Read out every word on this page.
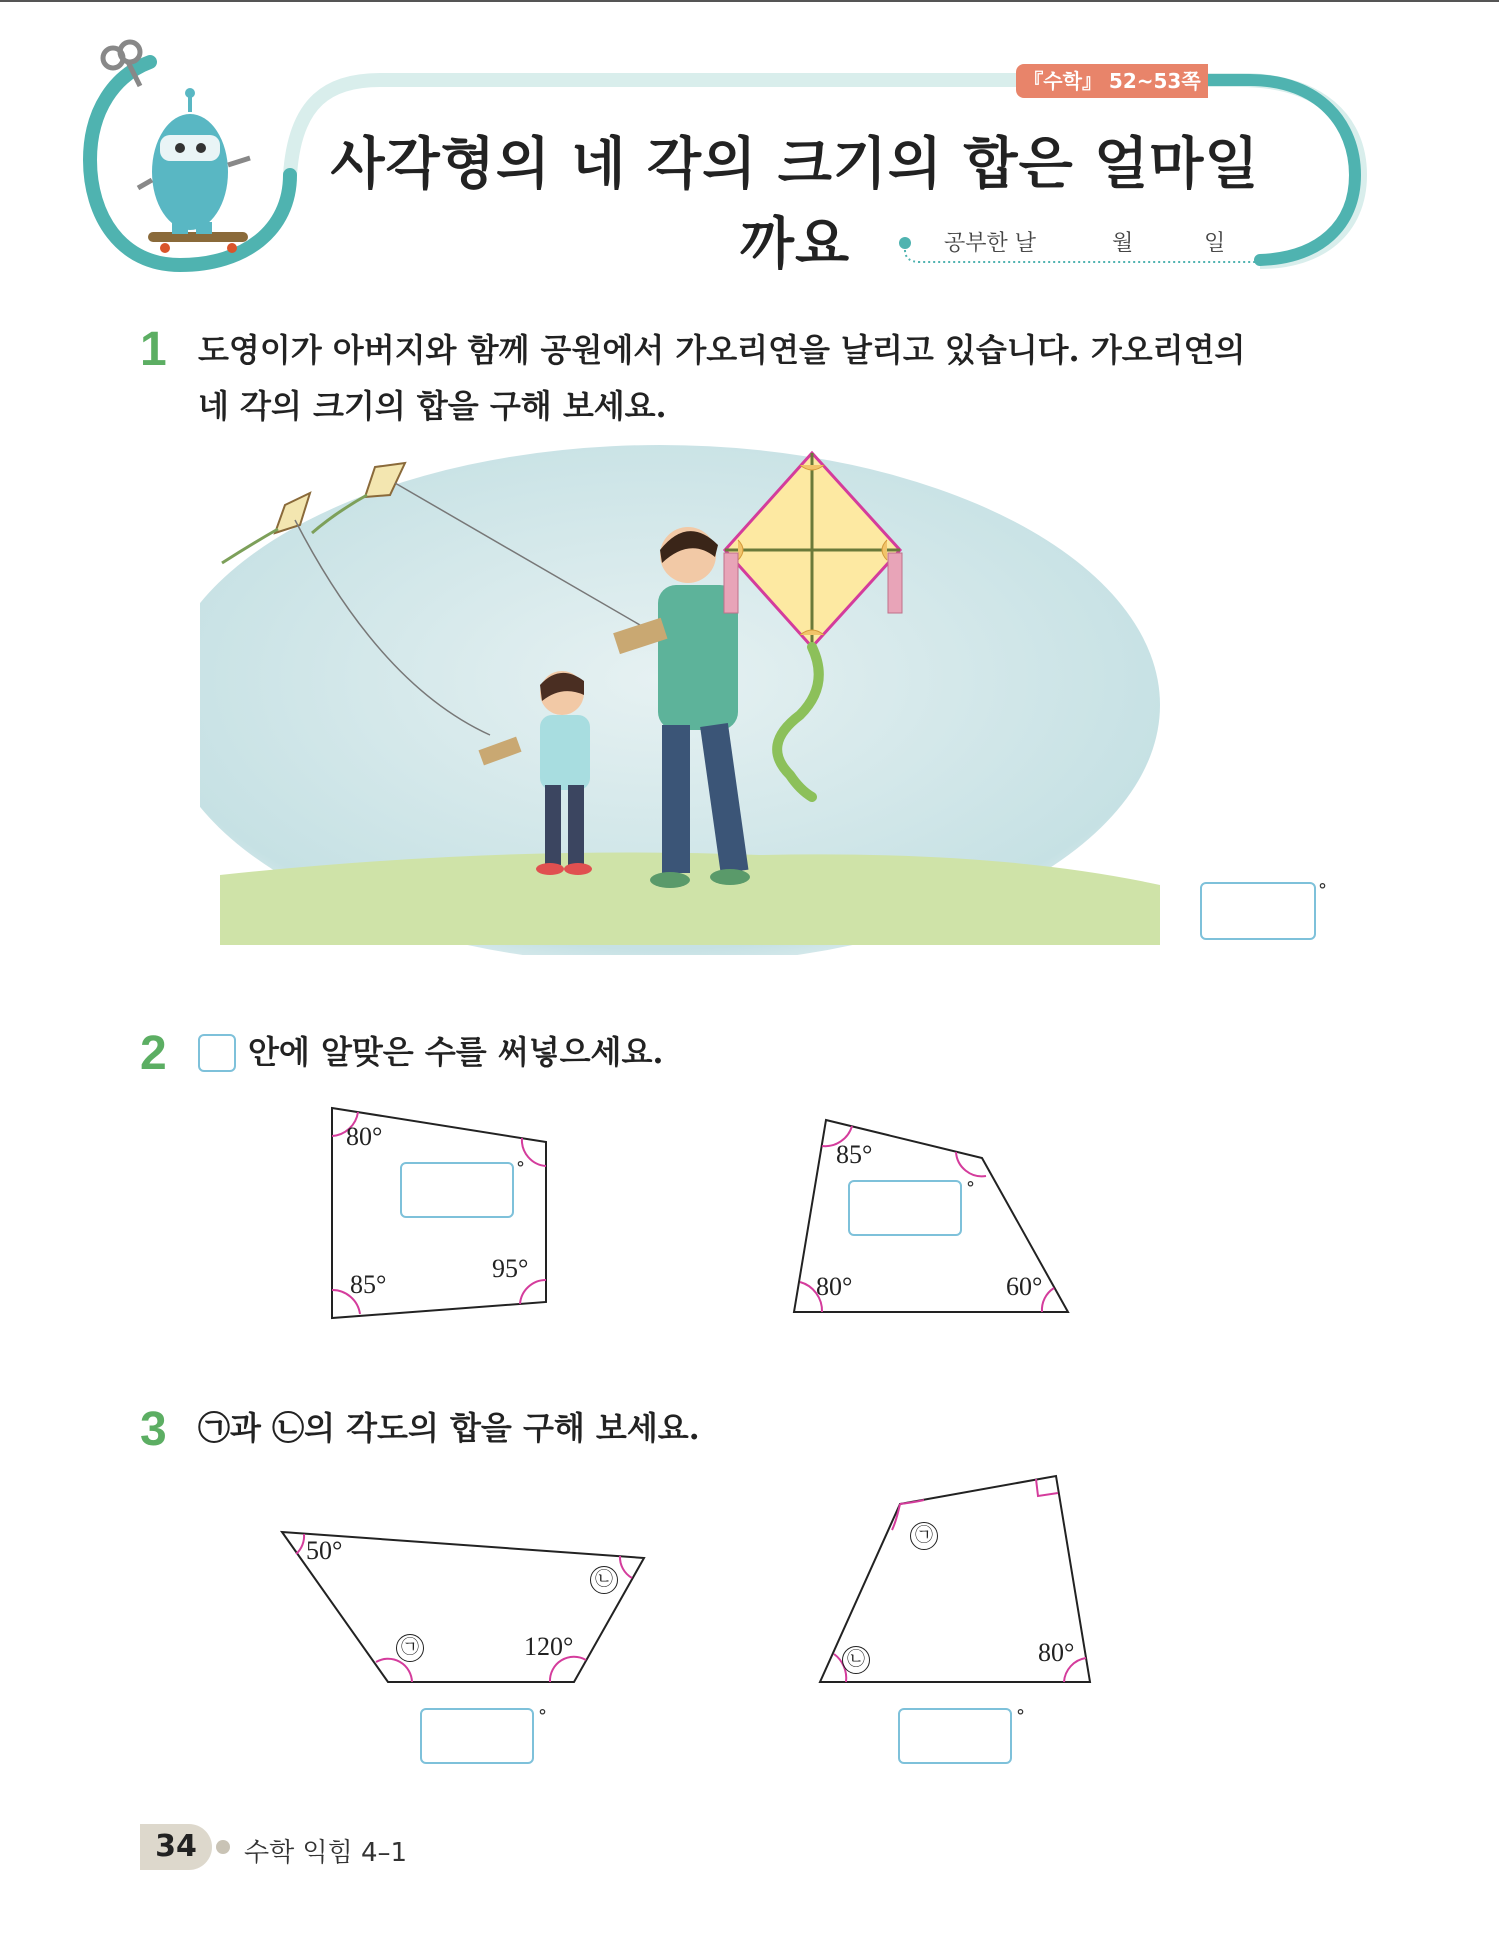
『수학』 52~53쪽
사각형의 네 각의 크기의 합은 얼마일까요	공부한 날	월	일
1 도영이가 아버지와 함께 공원에서 가오리연을 날리고 있습니다. 가오리연의
네 각의 크기의 합을 구해 보세요.
°
2	안에 알맞은 수를 써넣으세요.
80°
85°
95°
°	85°
80°	60°
°
3 ㉠과 ㉡의 각도의 합을 구해 보세요.
50°
120°
㉡
㉠
°
㉠
㉡	80°
°
34	수학 익힘 4–1
